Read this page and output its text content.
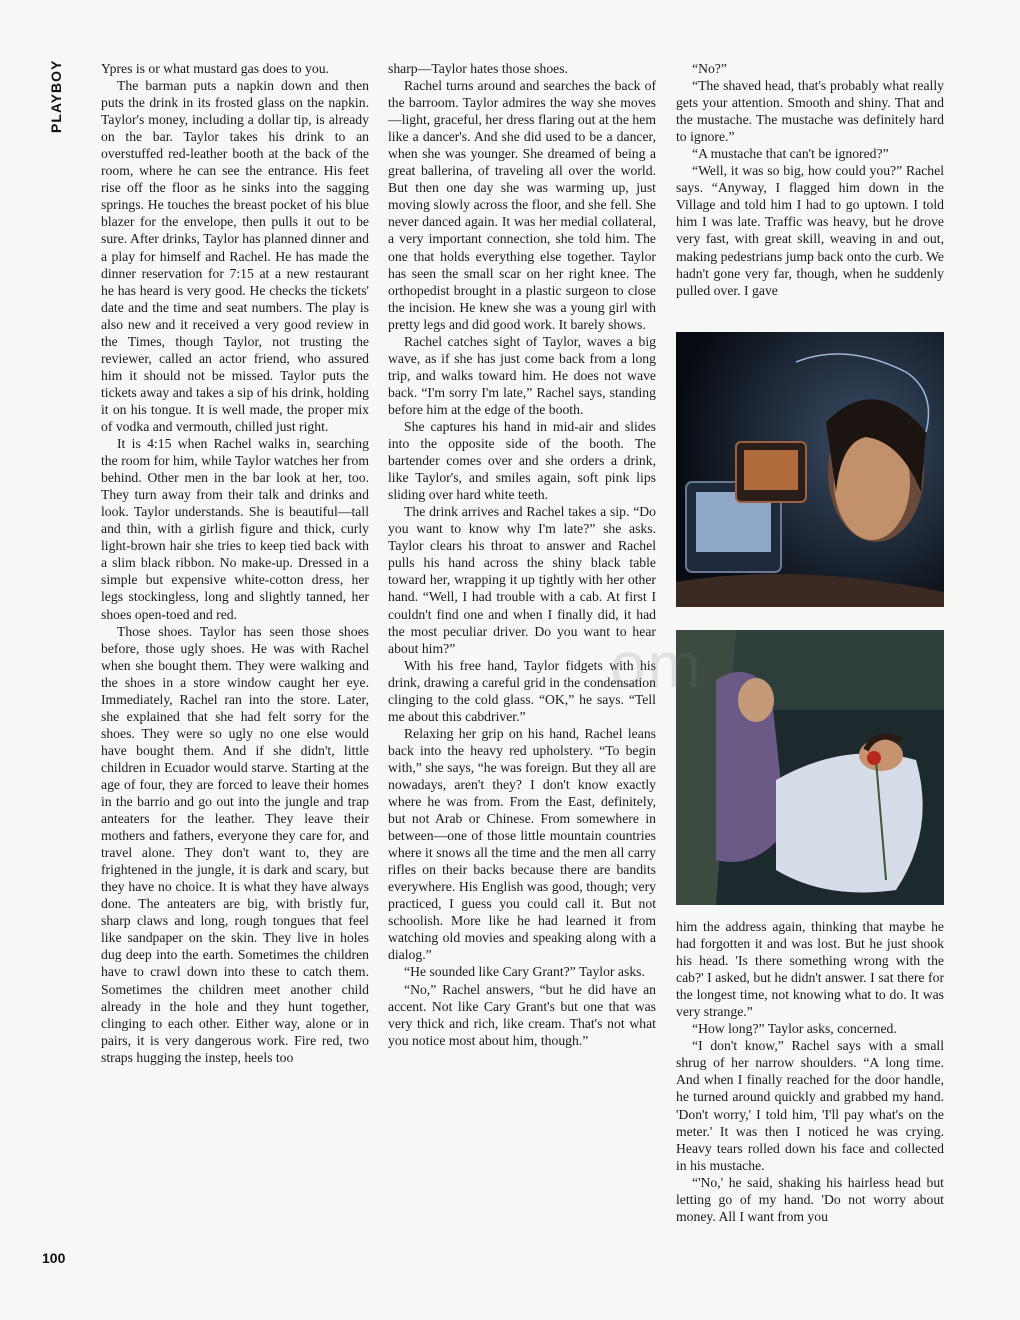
PLAYBOY	Ypres is or what mustard gas does to you.

The barman puts a napkin down and then puts the drink in its frosted glass on the napkin. Taylor's money, including a dollar tip, is already on the bar. Taylor takes his drink to an overstuffed red-leather booth at the back of the room, where he can see the entrance. His feet rise off the floor as he sinks into the sagging springs. He touches the breast pocket of his blue blazer for the envelope, then pulls it out to be sure. After drinks, Taylor has planned dinner and a play for himself and Rachel. He has made the dinner reservation for 7:15 at a new restaurant he has heard is very good. He checks the tickets' date and the time and seat numbers. The play is also new and it received a very good review in the Times, though Taylor, not trusting the reviewer, called an actor friend, who assured him it should not be missed. Taylor puts the tickets away and takes a sip of his drink, holding it on his tongue. It is well made, the proper mix of vodka and vermouth, chilled just right.

It is 4:15 when Rachel walks in, searching the room for him, while Taylor watches her from behind. Other men in the bar look at her, too. They turn away from their talk and drinks and look. Taylor understands. She is beautiful—tall and thin, with a girlish figure and thick, curly light-brown hair she tries to keep tied back with a slim black ribbon. No make-up. Dressed in a simple but expensive white-cotton dress, her legs stockingless, long and slightly tanned, her shoes open-toed and red.

Those shoes. Taylor has seen those shoes before, those ugly shoes. He was with Rachel when she bought them. They were walking and the shoes in a store window caught her eye. Immediately, Rachel ran into the store. Later, she explained that she had felt sorry for the shoes. They were so ugly no one else would have bought them. And if she didn't, little children in Ecuador would starve. Starting at the age of four, they are forced to leave their homes in the barrio and go out into the jungle and trap anteaters for the leather. They leave their mothers and fathers, everyone they care for, and travel alone. They don't want to, they are frightened in the jungle, it is dark and scary, but they have no choice. It is what they have always done. The anteaters are big, with bristly fur, sharp claws and long, rough tongues that feel like sandpaper on the skin. They live in holes dug deep into the earth. Sometimes the children have to crawl down into these to catch them. Sometimes the children meet another child already in the hole and they hunt together, clinging to each other. Either way, alone or in pairs, it is very dangerous work. Fire red, two straps hugging the instep, heels too

sharp—Taylor hates those shoes.

Rachel turns around and searches the back of the barroom. Taylor admires the way she moves—light, graceful, her dress flaring out at the hem like a dancer's. And she did used to be a dancer, when she was younger. She dreamed of being a great ballerina, of traveling all over the world. But then one day she was warming up, just moving slowly across the floor, and she fell. She never danced again. It was her medial collateral, a very important connection, she told him. The one that holds everything else together. Taylor has seen the small scar on her right knee. The orthopedist brought in a plastic surgeon to close the incision. He knew she was a young girl with pretty legs and did good work. It barely shows.

Rachel catches sight of Taylor, waves a big wave, as if she has just come back from a long trip, and walks toward him. He does not wave back. “I'm sorry I'm late,” Rachel says, standing before him at the edge of the booth.

She captures his hand in mid-air and slides into the opposite side of the booth. The bartender comes over and she orders a drink, like Taylor's, and smiles again, soft pink lips sliding over hard white teeth.

The drink arrives and Rachel takes a sip. “Do you want to know why I'm late?” she asks. Taylor clears his throat to answer and Rachel pulls his hand across the shiny black table toward her, wrapping it up tightly with her other hand. “Well, I had trouble with a cab. At first I couldn't find one and when I finally did, it had the most peculiar driver. Do you want to hear about him?”

With his free hand, Taylor fidgets with his drink, drawing a careful grid in the condensation clinging to the cold glass. “OK,” he says. “Tell me about this cabdriver.”

Relaxing her grip on his hand, Rachel leans back into the heavy red upholstery. “To begin with,” she says, “he was foreign. But they all are nowadays, aren't they? I don't know exactly where he was from. From the East, definitely, but not Arab or Chinese. From somewhere in between—one of those little mountain countries where it snows all the time and the men all carry rifles on their backs because there are bandits everywhere. His English was good, though; very practiced, I guess you could call it. But not schoolish. More like he had learned it from watching old movies and speaking along with a dialog.”

“He sounded like Cary Grant?” Taylor asks.

“No,” Rachel answers, “but he did have an accent. Not like Cary Grant's but one that was very thick and rich, like cream. That's not what you notice most about him, though.”

“No?”

“The shaved head, that's probably what really gets your attention. Smooth and shiny. That and the mustache. The mustache was definitely hard to ignore.”

“A mustache that can't be ignored?”

“Well, it was so big, how could you?” Rachel says. “Anyway, I flagged him down in the Village and told him I had to go uptown. I told him I was late. Traffic was heavy, but he drove very fast, with great skill, weaving in and out, making pedestrians jump back onto the curb. We hadn't gone very far, though, when he suddenly pulled over. I gave

om

him the address again, thinking that maybe he had forgotten it and was lost. But he just shook his head. 'Is there something wrong with the cab?' I asked, but he didn't answer. I sat there for the longest time, not knowing what to do. It was very strange.”

“How long?” Taylor asks, concerned.

“I don't know,” Rachel says with a small shrug of her narrow shoulders. “A long time. And when I finally reached for the door handle, he turned around quickly and grabbed my hand. 'Don't worry,' I told him, 'I'll pay what's on the meter.' It was then I noticed he was crying. Heavy tears rolled down his face and collected in his mustache.

“'No,' he said, shaking his hairless head but letting go of my hand. 'Do not worry about money. All I want from you

100
